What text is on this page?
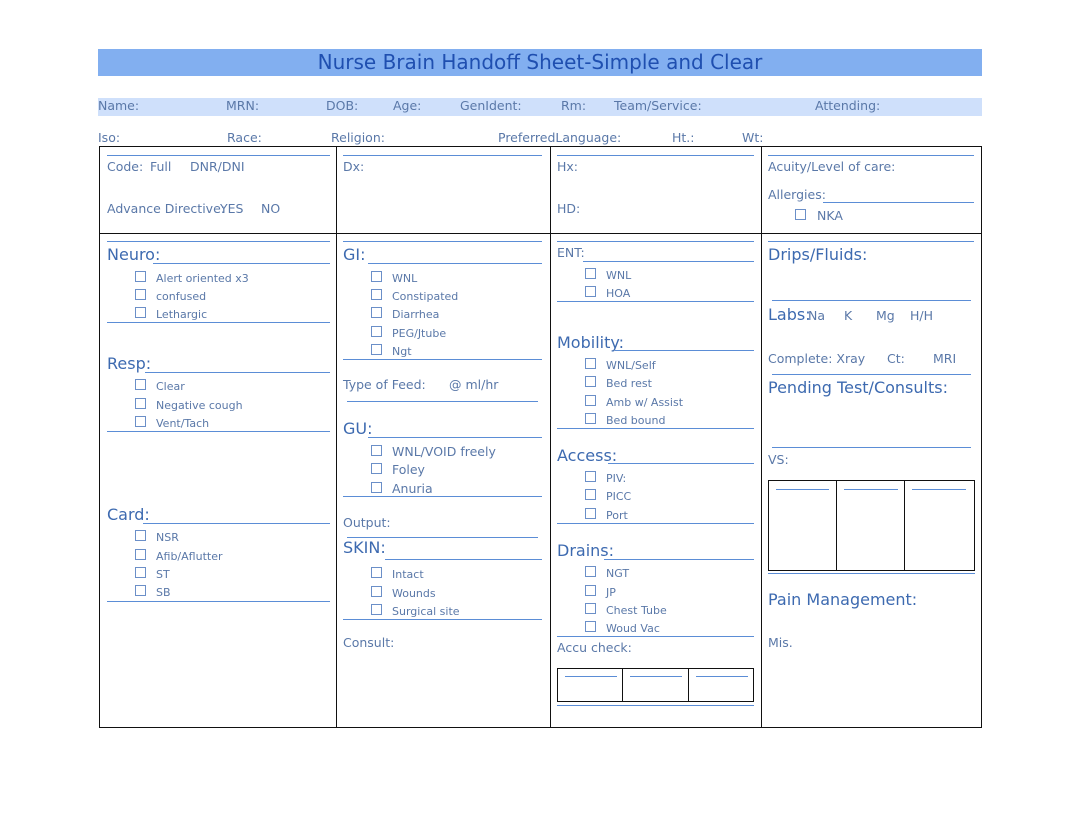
Nurse Brain Handoff Sheet-Simple and Clear
Name:	MRN:	DOB:	Age:	GenIdent:	Rm: Team/Service:	Attending:
Iso:	Race:	Religion:	PreferredLanguage:	Ht.:	Wt:
Code: Full DNR/DNI
Advance Directive:
YES NO
Dx:	Hx:
HD:
Acuity/Level of care:
Allergies:
NKA
Neuro:
Alert oriented x3
confused
Lethargic
Resp:
Clear
Negative cough
Vent/Tach
Card:
NSR
Afib/Aflutter
ST
SB
GI:
WNL
Constipated
Diarrhea
PEG/Jtube
Ngt
Type of Feed: @ ml/hr
GU:
WNL/VOID freely
Foley
Anuria
Output:
SKIN:
Intact
Wounds
Surgical site
Consult:
ENT:
WNL
HOA
Mobility:
WNL/Self
Bed rest
Amb w/ Assist
Bed bound
Access:
PIV:
PICC
Port
Drains:
NGT
JP
Chest Tube
Woud Vac
Accu check:
Drips/Fluids:
Labs:
Na K Mg H/H
Complete: Xray Ct: MRI
Pending Test/Consults:
VS:
Pain Management:
Mis.
